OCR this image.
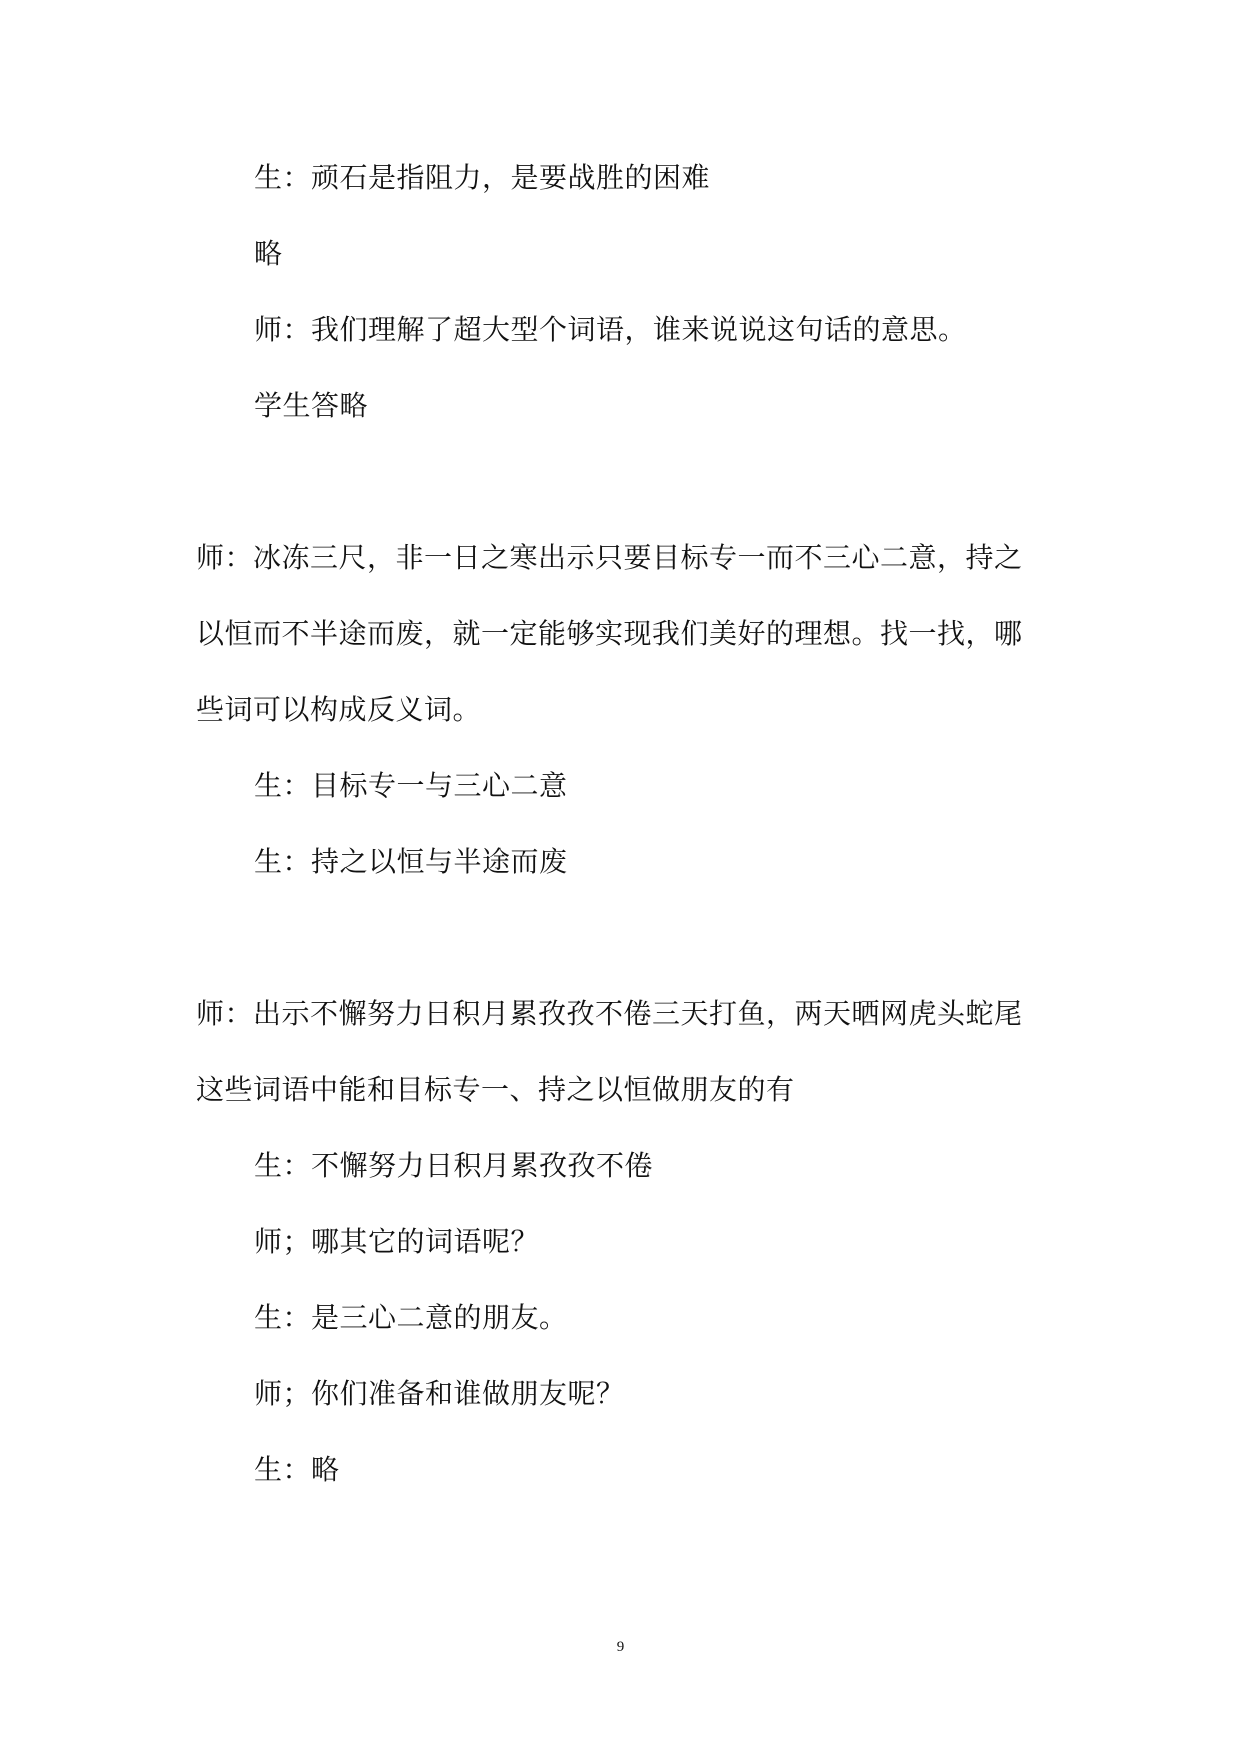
生：顽石是指阻力，是要战胜的困难
略
师：我们理解了超大型个词语，谁来说说这句话的意思。
学生答略
师：冰冻三尺，非一日之寒出示只要目标专一而不三心二意，持之
以恒而不半途而废，就一定能够实现我们美好的理想。找一找，哪
些词可以构成反义词。
生：目标专一与三心二意
生：持之以恒与半途而废
师：出示不懈努力日积月累孜孜不倦三天打鱼，两天晒网虎头蛇尾
这些词语中能和目标专一、持之以恒做朋友的有
生：不懈努力日积月累孜孜不倦
师；哪其它的词语呢？
生：是三心二意的朋友。
师；你们准备和谁做朋友呢？
生：略
9
